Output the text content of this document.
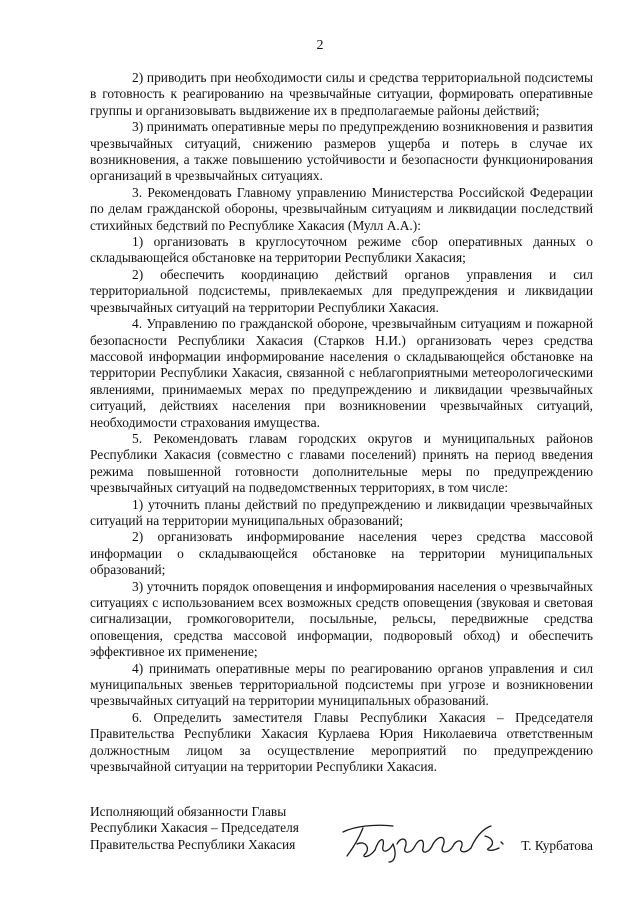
2

2) приводить при необходимости силы и средства территориальной подсистемы в готовность к реагированию на чрезвычайные ситуации, формировать оперативные группы и организовывать выдвижение их в предполагаемые районы действий;

3) принимать оперативные меры по предупреждению возникновения и развития чрезвычайных ситуаций, снижению размеров ущерба и потерь в случае их возникновения, а также повышению устойчивости и безопасности функционирования организаций в чрезвычайных ситуациях.

3. Рекомендовать Главному управлению Министерства Российской Федерации по делам гражданской обороны, чрезвычайным ситуациям и ликвидации последствий стихийных бедствий по Республике Хакасия (Мулл А.А.):

1) организовать в круглосуточном режиме сбор оперативных данных о складывающейся обстановке на территории Республики Хакасия;

2) обеспечить координацию действий органов управления и сил территориальной подсистемы, привлекаемых для предупреждения и ликвидации чрезвычайных ситуаций на территории Республики Хакасия.

4. Управлению по гражданской обороне, чрезвычайным ситуациям и пожарной безопасности Республики Хакасия (Старков Н.И.) организовать через средства массовой информации информирование населения о складывающейся обстановке на территории Республики Хакасия, связанной с неблагоприятными метеорологическими явлениями, принимаемых мерах по предупреждению и ликвидации чрезвычайных ситуаций, действиях населения при возникновении чрезвычайных ситуаций, необходимости страхования имущества.

5. Рекомендовать главам городских округов и муниципальных районов Республики Хакасия (совместно с главами поселений) принять на период введения режима повышенной готовности дополнительные меры по предупреждению чрезвычайных ситуаций на подведомственных территориях, в том числе:

1) уточнить планы действий по предупреждению и ликвидации чрезвычайных ситуаций на территории муниципальных образований;

2) организовать информирование населения через средства массовой информации о складывающейся обстановке на территории муниципальных образований;

3) уточнить порядок оповещения и информирования населения о чрезвычайных ситуациях с использованием всех возможных средств оповещения (звуковая и световая сигнализации, громкоговорители, посыльные, рельсы, передвижные средства оповещения, средства массовой информации, подворовый обход) и обеспечить эффективное их применение;

4) принимать оперативные меры по реагированию органов управления и сил муниципальных звеньев территориальной подсистемы при угрозе и возникновении чрезвычайных ситуаций на территории муниципальных образований.

6. Определить заместителя Главы Республики Хакасия – Председателя Правительства Республики Хакасия Курлаева Юрия Николаевича ответственным должностным лицом за осуществление мероприятий по предупреждению чрезвычайной ситуации на территории Республики Хакасия.

Исполняющий обязанности Главы
Республики Хакасия – Председателя
Правительства Республики Хакасия	Т. Курбатова
